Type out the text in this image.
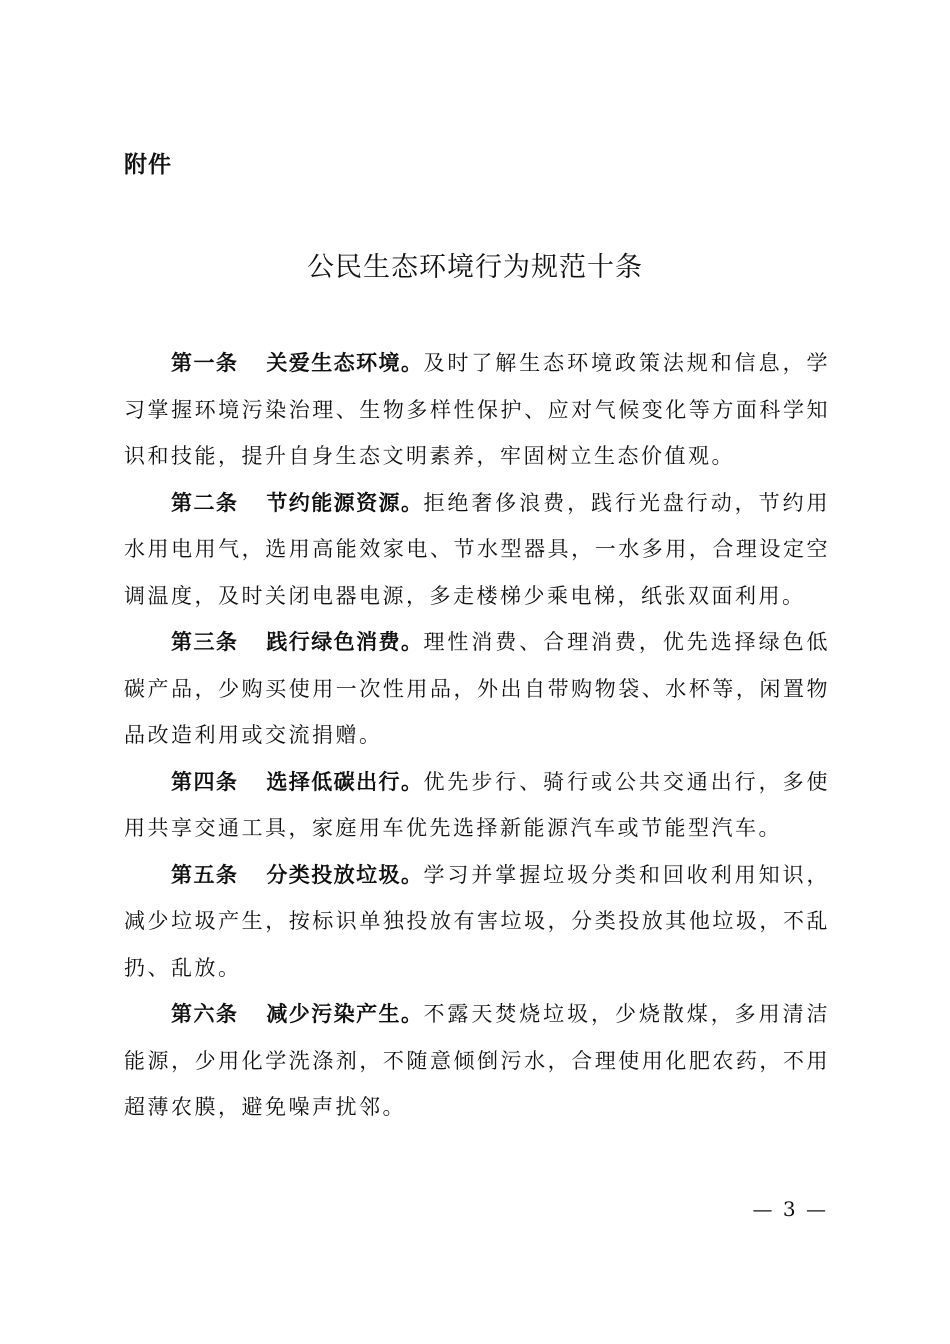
附件
公民生态环境行为规范十条

第一条 关爱生态环境。及时了解生态环境政策法规和信息，学习掌握环境污染治理、生物多样性保护、应对气候变化等方面科学知识和技能，提升自身生态文明素养，牢固树立生态价值观。

第二条 节约能源资源。拒绝奢侈浪费，践行光盘行动，节约用水用电用气，选用高能效家电、节水型器具，一水多用，合理设定空调温度，及时关闭电器电源，多走楼梯少乘电梯，纸张双面利用。

第三条 践行绿色消费。理性消费、合理消费，优先选择绿色低碳产品，少购买使用一次性用品，外出自带购物袋、水杯等，闲置物品改造利用或交流捐赠。

第四条 选择低碳出行。优先步行、骑行或公共交通出行，多使用共享交通工具，家庭用车优先选择新能源汽车或节能型汽车。

第五条 分类投放垃圾。学习并掌握垃圾分类和回收利用知识，减少垃圾产生，按标识单独投放有害垃圾，分类投放其他垃圾，不乱扔、乱放。

第六条 减少污染产生。不露天焚烧垃圾，少烧散煤，多用清洁能源，少用化学洗涤剂，不随意倾倒污水，合理使用化肥农药，不用超薄农膜，避免噪声扰邻。

— 3 —
